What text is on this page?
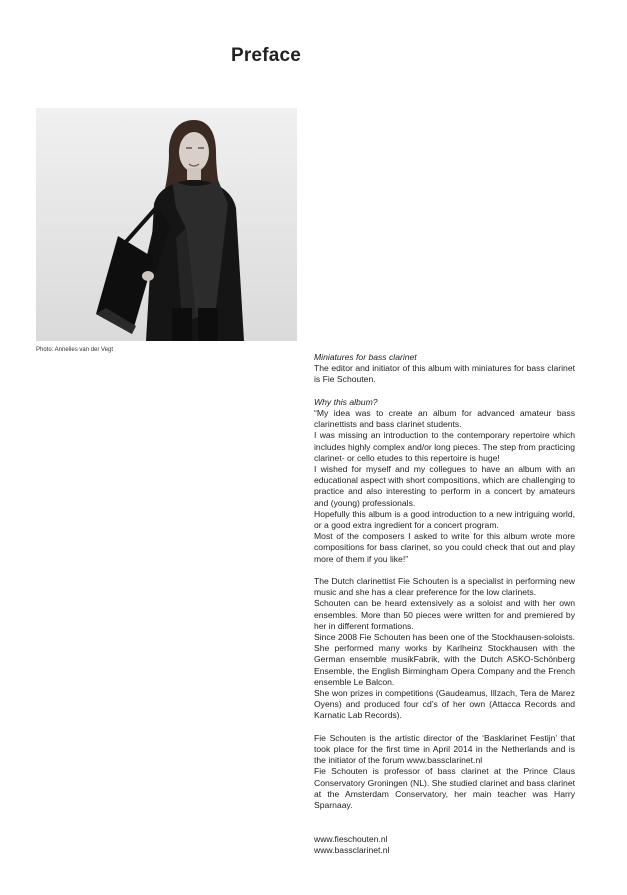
Preface
Photo: Annelies van der Vegt

Miniatures for bass clarinet

The editor and initiator of this album with miniatures for bass clarinet is Fie Schouten.

Why this album?

“My idea was to create an album for advanced amateur bass clarinettists and bass clarinet students.

I was missing an introduction to the contemporary repertoire which includes highly complex and/or long pieces. The step from practicing clarinet- or cello etudes to this repertoire is huge!

I wished for myself and my collegues to have an album with an educational aspect with short compositions, which are challenging to practice and also interesting to perform in a concert by amateurs and (young) professionals.

Hopefully this album is a good introduction to a new intriguing world, or a good extra ingredient for a concert program.

Most of the composers I asked to write for this album wrote more compositions for bass clarinet, so you could check that out and play more of them if you like!”

The Dutch clarinettist Fie Schouten is a specialist in performing new music and she has a clear preference for the low clarinets.

Schouten can be heard extensively as a soloist and with her own ensembles. More than 50 pieces were written for and premiered by her in different formations.

Since 2008 Fie Schouten has been one of the Stockhausen-soloists. She performed many works by Karlheinz Stockhausen with the German ensemble musikFabrik, with the Dutch ASKO-Schönberg Ensemble, the English Birmingham Opera Company and the French ensemble Le Balcon.

She won prizes in competitions (Gaudeamus, Illzach, Tera de Marez Oyens) and produced four cd’s of her own (Attacca Records and Karnatic Lab Records).

Fie Schouten is the artistic director of the ‘Basklarinet Festijn’ that took place for the first time in April 2014 in the Netherlands and is the initiator of the forum www.bassclarinet.nl

Fie Schouten is professor of bass clarinet at the Prince Claus Conservatory Groningen (NL). She studied clarinet and bass clarinet at the Amsterdam Conservatory, her main teacher was Harry Sparnaay.

www.fieschouten.nl

www.bassclarinet.nl
